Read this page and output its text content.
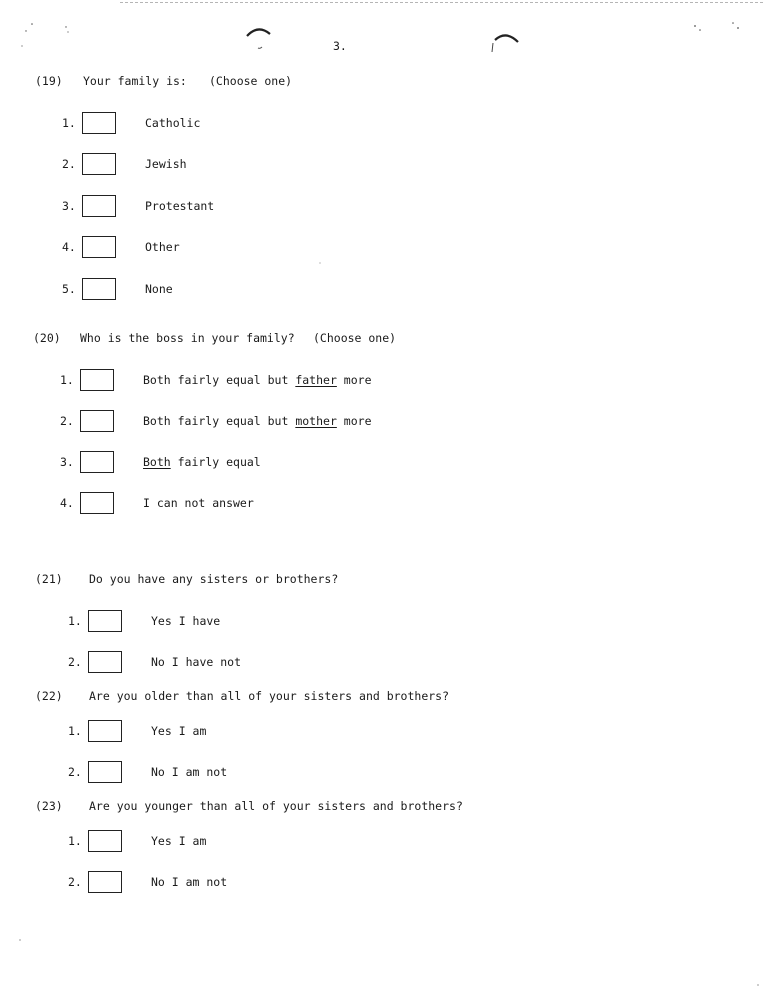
3.
(19) Your family is: (Choose one)
1.	Catholic
2.	Jewish
3.	Protestant
4.	Other
5.	None
(20) Who is the boss in your family? (Choose one)
1.	Both fairly equal but father more
2.	Both fairly equal but mother more
3.	Both fairly equal
4.	I can not answer
(21) Do you have any sisters or brothers?
1.	Yes I have
2.	No I have not
(22) Are you older than all of your sisters and brothers?
1.	Yes I am
2.	No I am not
(23) Are you younger than all of your sisters and brothers?
1.	Yes I am
2.	No I am not
